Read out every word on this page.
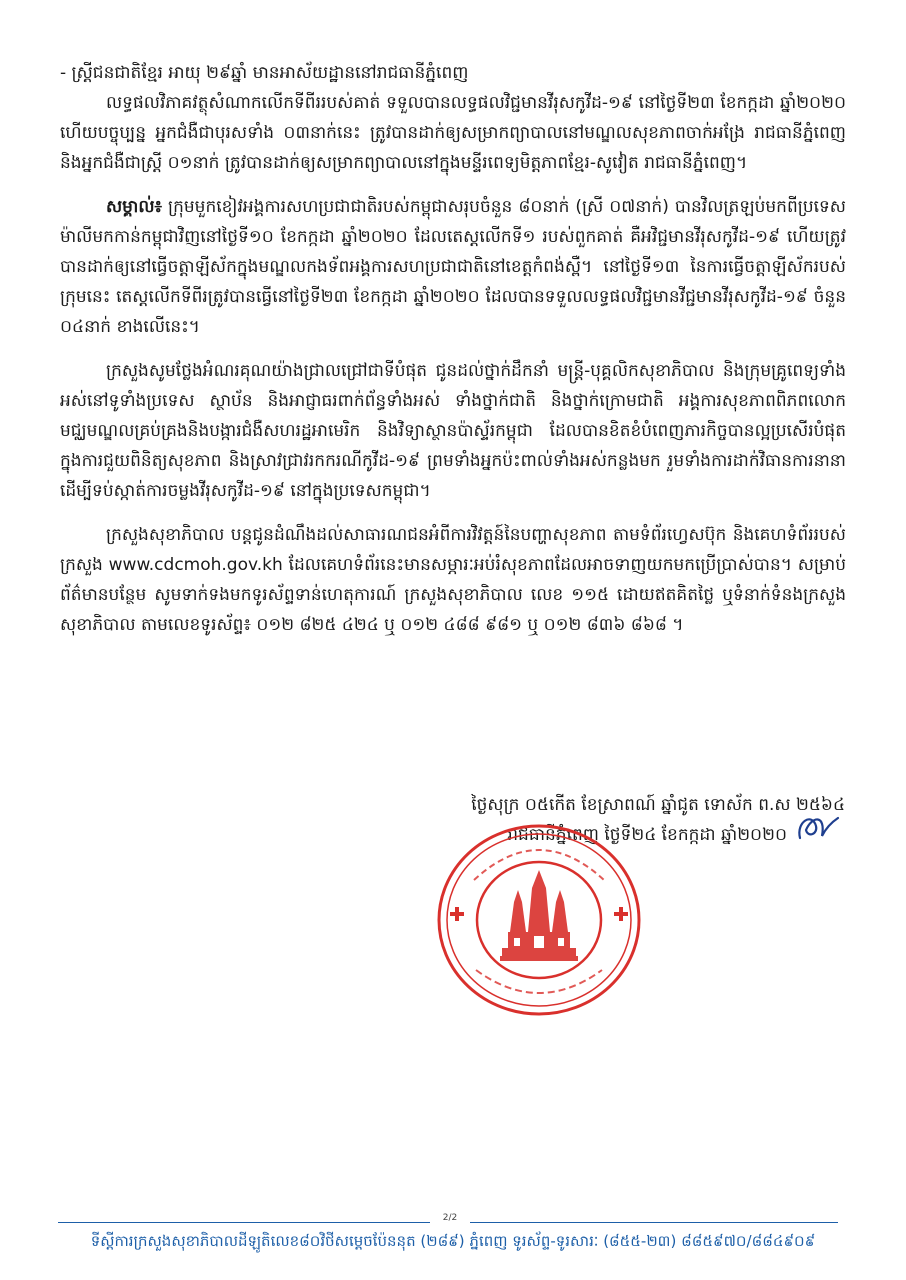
- ស្ត្រីជនជាតិខ្មែរ អាយុ ២៩ឆ្នាំ មានអាស័យដ្ឋាននៅរាជធានីភ្នំពេញ

លទ្ធផលវិភាគវត្ថុសំណាកលើកទីពីររបស់គាត់ ទទួលបានលទ្ធផលវិជ្ជមានវីរុសកូវីដ-១៩ នៅថ្ងៃទី២៣ ខែកក្កដា ឆ្នាំ២០២០ ហើយបច្ចុប្បន្ន អ្នកជំងឺជាបុរសទាំង ០៣នាក់នេះ ត្រូវបានដាក់ឲ្យសម្រាកព្យាបាលនៅមណ្ឌលសុខភាពចាក់អង្រែ រាជធានីភ្នំពេញ និងអ្នកជំងឺជាស្ត្រី ០១នាក់ ត្រូវបានដាក់ឲ្យសម្រាកព្យាបាលនៅក្នុងមន្ទីរពេទ្យមិត្តភាពខ្មែរ-សូវៀត រាជធានីភ្នំពេញ។

សម្គាល់៖ ក្រុមមួកខៀវអង្គការសហប្រជាជាតិរបស់កម្ពុជាសរុបចំនួន ៨០នាក់ (ស្រី ០៧នាក់) បានវិលត្រឡប់មកពីប្រទេសម៉ាលីមកកាន់កម្ពុជាវិញនៅថ្ងៃទី១០ ខែកក្កដា ឆ្នាំ២០២០ ដែលតេស្តលើកទី១ របស់ពួកគាត់ គឺអវិជ្ជមានវីរុសកូវីដ-១៩ ហើយត្រូវបានដាក់ឲ្យនៅធ្វើចត្តាឡីស័កក្នុងមណ្ឌលកងទ័ពអង្គការសហប្រជាជាតិនៅខេត្តកំពង់ស្ពឺ។ នៅថ្ងៃទី១៣ នៃការធ្វើចត្តាឡីស័ករបស់ក្រុមនេះ តេស្តលើកទីពីរត្រូវបានធ្វើនៅថ្ងៃទី២៣ ខែកក្កដា ឆ្នាំ២០២០ ដែលបានទទួលលទ្ធផលវិជ្ជមានវីជ្ជមានវីរុសកូវីដ-១៩ ចំនួន ០៤នាក់ ខាងលើនេះ។

ក្រសួងសូមថ្លែងអំណរគុណយ៉ាងជ្រាលជ្រៅជាទីបំផុត ជូនដល់ថ្នាក់ដឹកនាំ មន្ត្រី-បុគ្គលិកសុខាភិបាល និងក្រុមគ្រូពេទ្យទាំងអស់នៅទូទាំងប្រទេស ស្ថាប័ន និងអាជ្ញាធរពាក់ព័ន្ធទាំងអស់ ទាំងថ្នាក់ជាតិ និងថ្នាក់ក្រោមជាតិ អង្គការសុខភាពពិភពលោក មជ្ឈមណ្ឌលគ្រប់គ្រងនិងបង្ការជំងឺសហរដ្ឋអាមេរិក និងវិទ្យាស្ថានប៉ាស្ទ័រកម្ពុជា ដែលបានខិតខំបំពេញភារកិច្ចបានល្អប្រសើរបំផុត ក្នុងការជួយពិនិត្យសុខភាព និងស្រាវជ្រាវរកករណីកូវីដ-១៩ ព្រមទាំងអ្នកប៉ះពាល់ទាំងអស់កន្លងមក រួមទាំងការដាក់វិធានការនានា ដើម្បីទប់ស្កាត់ការចម្លងវីរុសកូវីដ-១៩ នៅក្នុងប្រទេសកម្ពុជា។

ក្រសួងសុខាភិបាល បន្តជូនដំណឹងដល់សាធារណជនអំពីការវិវត្តន៍នៃបញ្ហាសុខភាព តាមទំព័រហ្វេសប៊ុក និងគេហទំព័ររបស់ក្រសួង www.cdcmoh.gov.kh ដែលគេហទំព័រនេះមានសម្ភារៈអប់រំសុខភាពដែលអាចទាញយកមកប្រើប្រាស់បាន។ សម្រាប់ព័ត៌មានបន្ថែម សូមទាក់ទងមកទូរស័ព្ទទាន់ហេតុការណ៍ ក្រសួងសុខាភិបាល លេខ ១១៥ ដោយឥតគិតថ្លៃ ឬទំនាក់ទំនងក្រសួងសុខាភិបាល តាមលេខទូរស័ព្ទ៖ ០១២ ៨២៥ ៤២៤ ឬ ០១២ ៤៨៨ ៩៨១ ឬ ០១២ ៨៣៦ ៨៦៨ ។

ថ្ងៃសុក្រ ០៥កើត ខែស្រាពណ៍ ឆ្នាំជូត ទោស័ក ព.ស ២៥៦៤
រាជធានីភ្នំពេញ ថ្ងៃទី២៤ ខែកក្កដា ឆ្នាំ២០២០
2/2
ទីស្តីការក្រសួងសុខាភិបាលដីឡូតិលេខ៨០វិថីសម្តេចប៉ែននុត (២៨៩) ភ្នំពេញ ទូរស័ព្ទ-ទូរសារៈ (៨៥៥-២៣) ៨៨៥៩៧០/៨៨៤៩០៩
